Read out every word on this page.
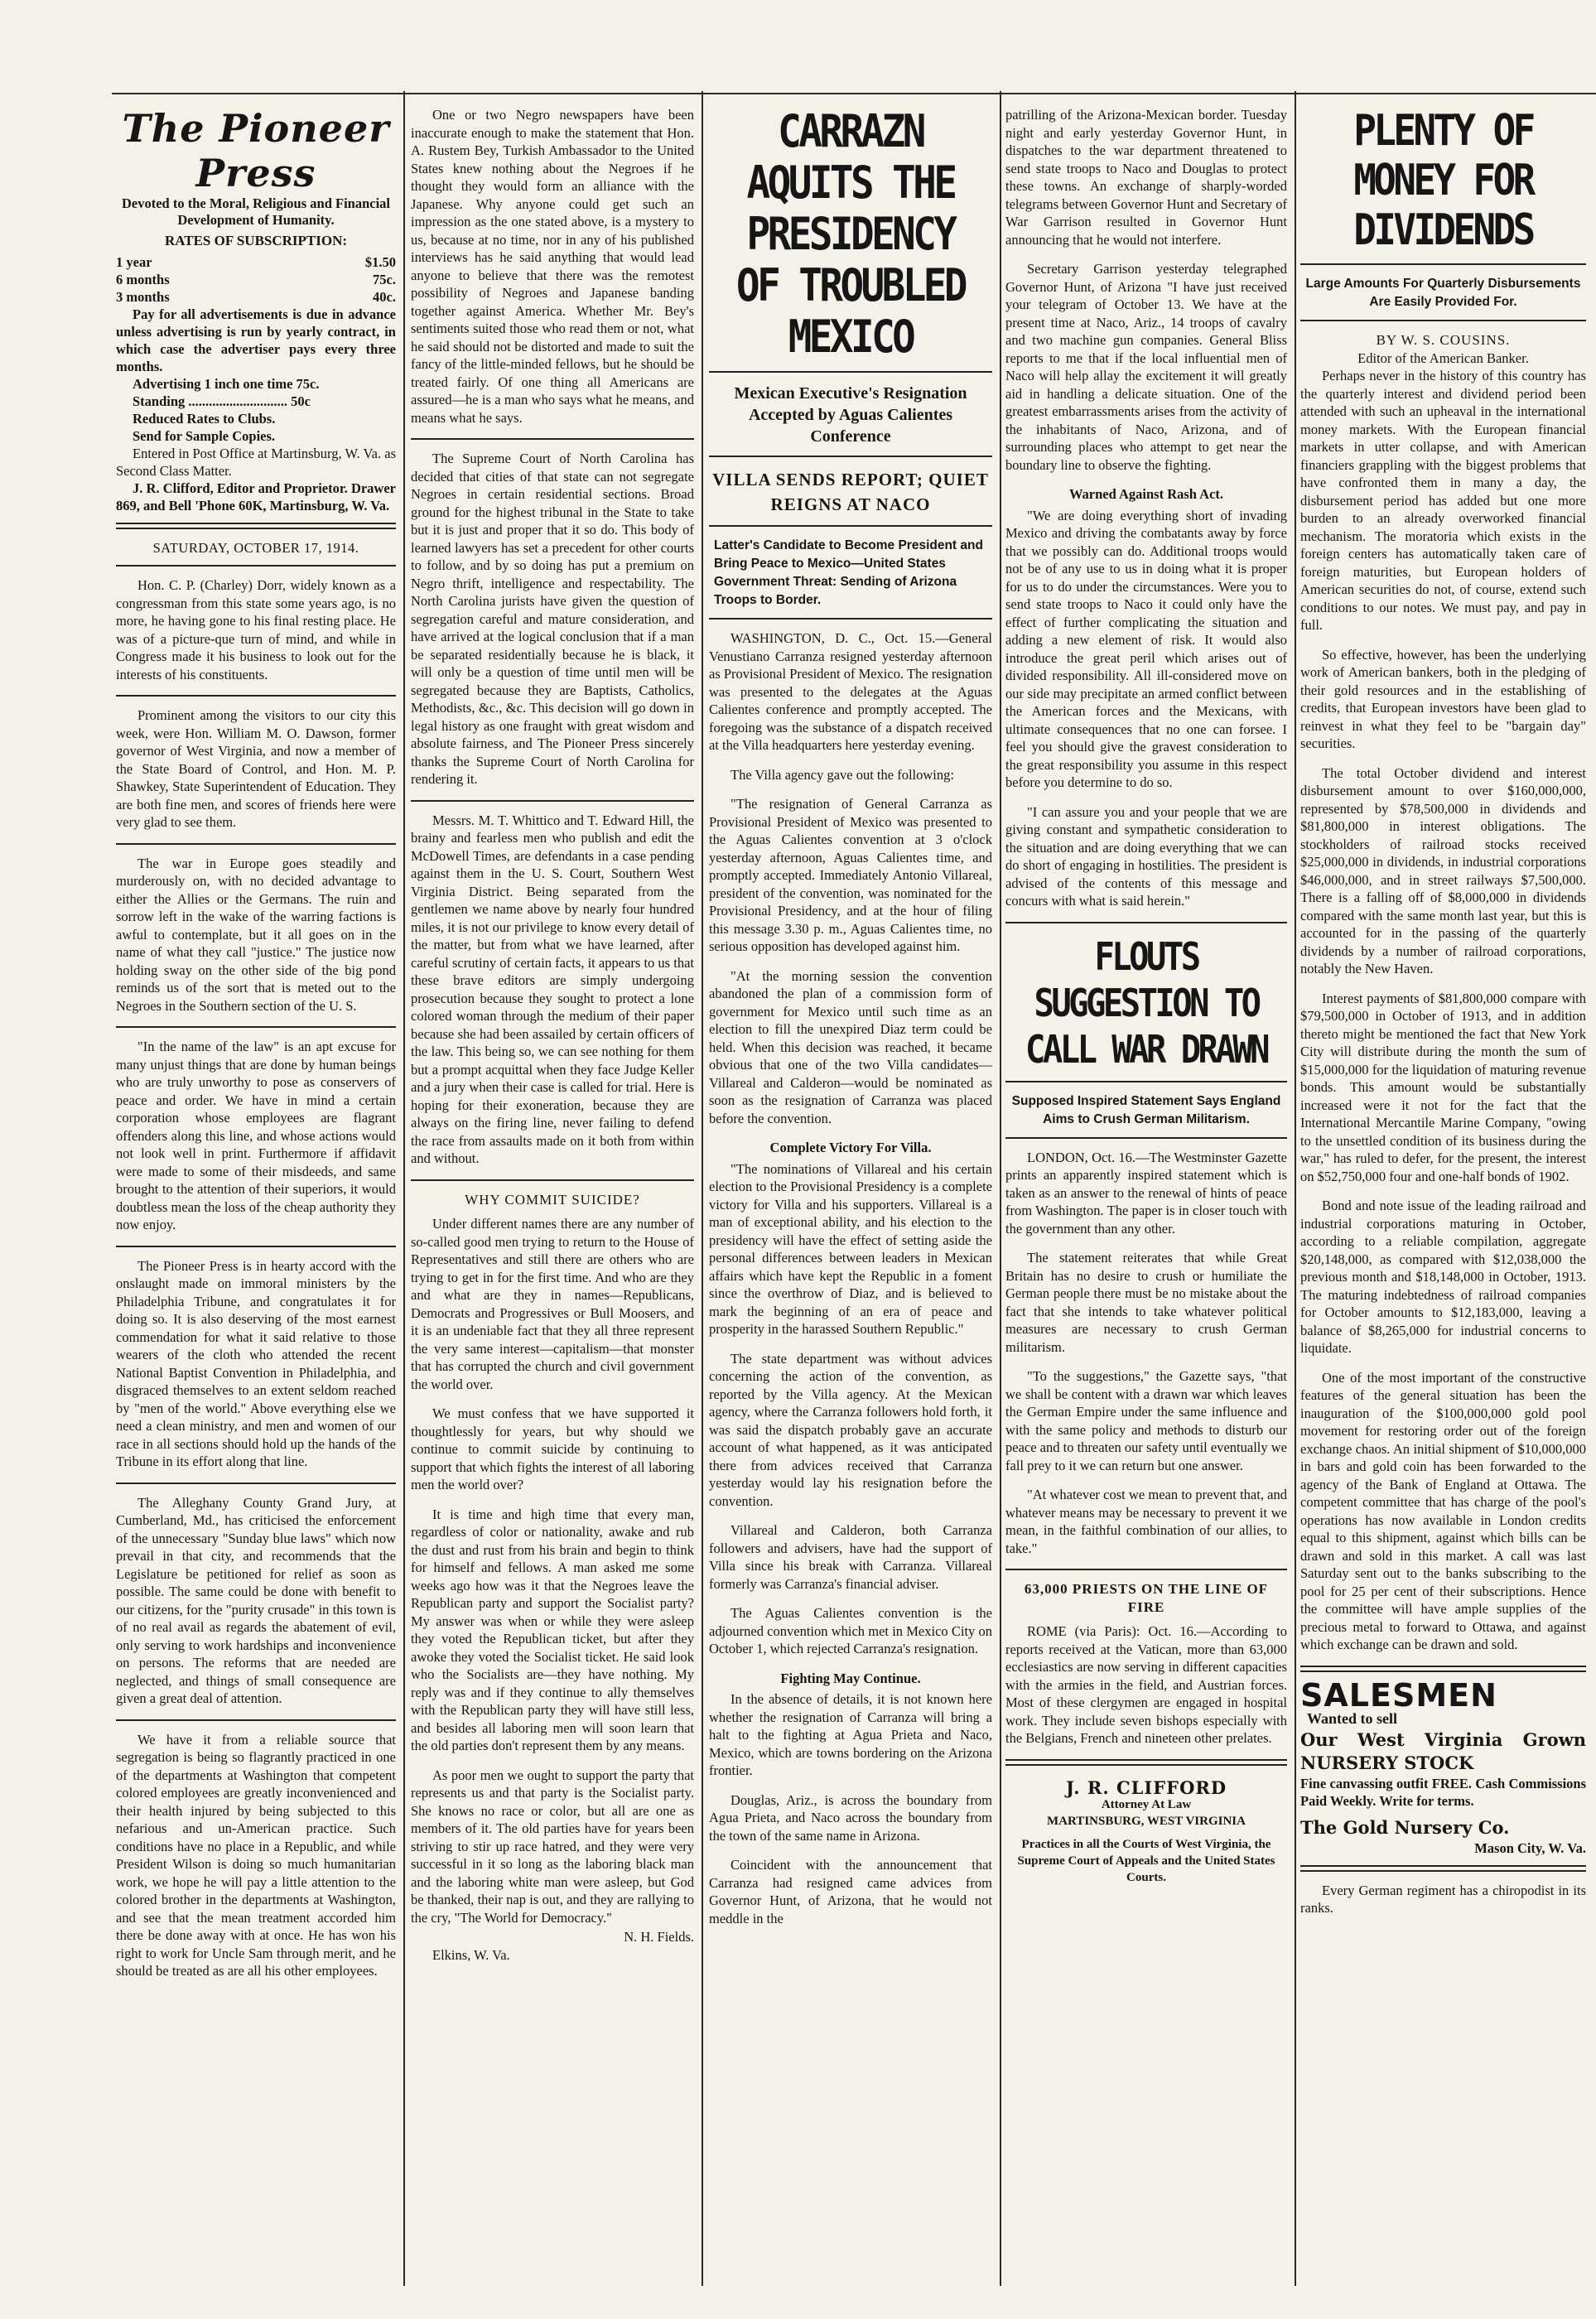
The Pioneer Press
Devoted to the Moral, Religious and Financial Development of Humanity.
RATES OF SUBSCRIPTION:
1 year	$1.50
6 months	75c.
3 months	40c.
Pay for all advertisements is due in advance unless advertising is run by yearly contract, in which case the advertiser pays every three months.
Advertising 1 inch one time 75c.
Standing ............................. 50c
Reduced Rates to Clubs.
Send for Sample Copies.
Entered in Post Office at Martinsburg, W. Va. as Second Class Matter.
J. R. Clifford, Editor and Proprietor. Drawer 869, and Bell 'Phone 60K, Martinsburg, W. Va.
SATURDAY, OCTOBER 17, 1914.

Hon. C. P. (Charley) Dorr, widely known as a congressman from this state some years ago, is no more, he having gone to his final resting place. He was of a picture-que turn of mind, and while in Congress made it his business to look out for the interests of his constituents.

Prominent among the visitors to our city this week, were Hon. William M. O. Dawson, former governor of West Virginia, and now a member of the State Board of Control, and Hon. M. P. Shawkey, State Superintendent of Education. They are both fine men, and scores of friends here were very glad to see them.

The war in Europe goes steadily and murderously on, with no decided advantage to either the Allies or the Germans. The ruin and sorrow left in the wake of the warring factions is awful to contemplate, but it all goes on in the name of what they call "justice." The justice now holding sway on the other side of the big pond reminds us of the sort that is meted out to the Negroes in the Southern section of the U. S.

"In the name of the law" is an apt excuse for many unjust things that are done by human beings who are truly unworthy to pose as conservers of peace and order. We have in mind a certain corporation whose employees are flagrant offenders along this line, and whose actions would not look well in print. Furthermore if affidavit were made to some of their misdeeds, and same brought to the attention of their superiors, it would doubtless mean the loss of the cheap authority they now enjoy.

The Pioneer Press is in hearty accord with the onslaught made on immoral ministers by the Philadelphia Tribune, and congratulates it for doing so. It is also deserving of the most earnest commendation for what it said relative to those wearers of the cloth who attended the recent National Baptist Convention in Philadelphia, and disgraced themselves to an extent seldom reached by "men of the world." Above everything else we need a clean ministry, and men and women of our race in all sections should hold up the hands of the Tribune in its effort along that line.

The Alleghany County Grand Jury, at Cumberland, Md., has criticised the enforcement of the unnecessary "Sunday blue laws" which now prevail in that city, and recommends that the Legislature be petitioned for relief as soon as possible. The same could be done with benefit to our citizens, for the "purity crusade" in this town is of no real avail as regards the abatement of evil, only serving to work hardships and inconvenience on persons. The reforms that are needed are neglected, and things of small consequence are given a great deal of attention.

We have it from a reliable source that segregation is being so flagrantly practiced in one of the departments at Washington that competent colored employees are greatly inconvenienced and their health injured by being subjected to this nefarious and un-American practice. Such conditions have no place in a Republic, and while President Wilson is doing so much humanitarian work, we hope he will pay a little attention to the colored brother in the departments at Washington, and see that the mean treatment accorded him there be done away with at once. He has won his right to work for Uncle Sam through merit, and he should be treated as are all his other employees.

One or two Negro newspapers have been inaccurate enough to make the statement that Hon. A. Rustem Bey, Turkish Ambassador to the United States knew nothing about the Negroes if he thought they would form an alliance with the Japanese. Why anyone could get such an impression as the one stated above, is a mystery to us, because at no time, nor in any of his published interviews has he said anything that would lead anyone to believe that there was the remotest possibility of Negroes and Japanese banding together against America. Whether Mr. Bey's sentiments suited those who read them or not, what he said should not be distorted and made to suit the fancy of the little-minded fellows, but he should be treated fairly. Of one thing all Americans are assured—he is a man who says what he means, and means what he says.

The Supreme Court of North Carolina has decided that cities of that state can not segregate Negroes in certain residential sections. Broad ground for the highest tribunal in the State to take but it is just and proper that it so do. This body of learned lawyers has set a precedent for other courts to follow, and by so doing has put a premium on Negro thrift, intelligence and respectability. The North Carolina jurists have given the question of segregation careful and mature consideration, and have arrived at the logical conclusion that if a man be separated residentially because he is black, it will only be a question of time until men will be segregated because they are Baptists, Catholics, Methodists, &c., &c. This decision will go down in legal history as one fraught with great wisdom and absolute fairness, and The Pioneer Press sincerely thanks the Supreme Court of North Carolina for rendering it.

Messrs. M. T. Whittico and T. Edward Hill, the brainy and fearless men who publish and edit the McDowell Times, are defendants in a case pending against them in the U. S. Court, Southern West Virginia District. Being separated from the gentlemen we name above by nearly four hundred miles, it is not our privilege to know every detail of the matter, but from what we have learned, after careful scrutiny of certain facts, it appears to us that these brave editors are simply undergoing prosecution because they sought to protect a lone colored woman through the medium of their paper because she had been assailed by certain officers of the law. This being so, we can see nothing for them but a prompt acquittal when they face Judge Keller and a jury when their case is called for trial. Here is hoping for their exoneration, because they are always on the firing line, never failing to defend the race from assaults made on it both from within and without.

WHY COMMIT SUICIDE?

Under different names there are any number of so-called good men trying to return to the House of Representatives and still there are others who are trying to get in for the first time. And who are they and what are they in names—Republicans, Democrats and Progressives or Bull Moosers, and it is an undeniable fact that they all three represent the very same interest—capitalism—that monster that has corrupted the church and civil government the world over.

We must confess that we have supported it thoughtlessly for years, but why should we continue to commit suicide by continuing to support that which fights the interest of all laboring men the world over?

It is time and high time that every man, regardless of color or nationality, awake and rub the dust and rust from his brain and begin to think for himself and fellows. A man asked me some weeks ago how was it that the Negroes leave the Republican party and support the Socialist party? My answer was when or while they were asleep they voted the Republican ticket, but after they awoke they voted the Socialist ticket. He said look who the Socialists are—they have nothing. My reply was and if they continue to ally themselves with the Republican party they will have still less, and besides all laboring men will soon learn that the old parties don't represent them by any means.

As poor men we ought to support the party that represents us and that party is the Socialist party. She knows no race or color, but all are one as members of it. The old parties have for years been striving to stir up race hatred, and they were very successful in it so long as the laboring black man and the laboring white man were asleep, but God be thanked, their nap is out, and they are rallying to the cry, "The World for Democracy."

N. H. Fields.
Elkins, W. Va.
CARRAZN AQUITS THE PRESIDENCY OF TROUBLED MEXICO
Mexican Executive's Resignation Accepted by Aguas Calientes Conference
VILLA SENDS REPORT; QUIET REIGNS AT NACO
Latter's Candidate to Become President and Bring Peace to Mexico—United States Government Threat: Sending of Arizona Troops to Border.

WASHINGTON, D. C., Oct. 15.—General Venustiano Carranza resigned yesterday afternoon as Provisional President of Mexico. The resignation was presented to the delegates at the Aguas Calientes conference and promptly accepted. The foregoing was the substance of a dispatch received at the Villa headquarters here yesterday evening.

The Villa agency gave out the following:

"The resignation of General Carranza as Provisional President of Mexico was presented to the Aguas Calientes convention at 3 o'clock yesterday afternoon, Aguas Calientes time, and promptly accepted. Immediately Antonio Villareal, president of the convention, was nominated for the Provisional Presidency, and at the hour of filing this message 3.30 p. m., Aguas Calientes time, no serious opposition has developed against him.

"At the morning session the convention abandoned the plan of a commission form of government for Mexico until such time as an election to fill the unexpired Diaz term could be held. When this decision was reached, it became obvious that one of the two Villa candidates—Villareal and Calderon—would be nominated as soon as the resignation of Carranza was placed before the convention.

Complete Victory For Villa.

"The nominations of Villareal and his certain election to the Provisional Presidency is a complete victory for Villa and his supporters. Villareal is a man of exceptional ability, and his election to the presidency will have the effect of setting aside the personal differences between leaders in Mexican affairs which have kept the Republic in a foment since the overthrow of Diaz, and is believed to mark the beginning of an era of peace and prosperity in the harassed Southern Republic."

The state department was without advices concerning the action of the convention, as reported by the Villa agency. At the Mexican agency, where the Carranza followers hold forth, it was said the dispatch probably gave an accurate account of what happened, as it was anticipated there from advices received that Carranza yesterday would lay his resignation before the convention.

Villareal and Calderon, both Carranza followers and advisers, have had the support of Villa since his break with Carranza. Villareal formerly was Carranza's financial adviser.

The Aguas Calientes convention is the adjourned convention which met in Mexico City on October 1, which rejected Carranza's resignation.

Fighting May Continue.

In the absence of details, it is not known here whether the resignation of Carranza will bring a halt to the fighting at Agua Prieta and Naco, Mexico, which are towns bordering on the Arizona frontier.

Douglas, Ariz., is across the boundary from Agua Prieta, and Naco across the boundary from the town of the same name in Arizona.

Coincident with the announcement that Carranza had resigned came advices from Governor Hunt, of Arizona, that he would not meddle in the

patrilling of the Arizona-Mexican border. Tuesday night and early yesterday Governor Hunt, in dispatches to the war department threatened to send state troops to Naco and Douglas to protect these towns. An exchange of sharply-worded telegrams between Governor Hunt and Secretary of War Garrison resulted in Governor Hunt announcing that he would not interfere.

Secretary Garrison yesterday telegraphed Governor Hunt, of Arizona "I have just received your telegram of October 13. We have at the present time at Naco, Ariz., 14 troops of cavalry and two machine gun companies. General Bliss reports to me that if the local influential men of Naco will help allay the excitement it will greatly aid in handling a delicate situation. One of the greatest embarrassments arises from the activity of the inhabitants of Naco, Arizona, and of surrounding places who attempt to get near the boundary line to observe the fighting.

Warned Against Rash Act.

"We are doing everything short of invading Mexico and driving the combatants away by force that we possibly can do. Additional troops would not be of any use to us in doing what it is proper for us to do under the circumstances. Were you to send state troops to Naco it could only have the effect of further complicating the situation and adding a new element of risk. It would also introduce the great peril which arises out of divided responsibility. All ill-considered move on our side may precipitate an armed conflict between the American forces and the Mexicans, with ultimate consequences that no one can forsee. I feel you should give the gravest consideration to the great responsibility you assume in this respect before you determine to do so.

"I can assure you and your people that we are giving constant and sympathetic consideration to the situation and are doing everything that we can do short of engaging in hostilities. The president is advised of the contents of this message and concurs with what is said herein."

FLOUTS SUGGESTION TO CALL WAR DRAWN
Supposed Inspired Statement Says England Aims to Crush German Militarism.

LONDON, Oct. 16.—The Westminster Gazette prints an apparently inspired statement which is taken as an answer to the renewal of hints of peace from Washington. The paper is in closer touch with the government than any other.

The statement reiterates that while Great Britain has no desire to crush or humiliate the German people there must be no mistake about the fact that she intends to take whatever political measures are necessary to crush German militarism.

"To the suggestions," the Gazette says, "that we shall be content with a drawn war which leaves the German Empire under the same influence and with the same policy and methods to disturb our peace and to threaten our safety until eventually we fall prey to it we can return but one answer.

"At whatever cost we mean to prevent that, and whatever means may be necessary to prevent it we mean, in the faithful combination of our allies, to take."

63,000 PRIESTS ON THE LINE OF FIRE

ROME (via Paris): Oct. 16.—According to reports received at the Vatican, more than 63,000 ecclesiastics are now serving in different capacities with the armies in the field, and Austrian forces. Most of these clergymen are engaged in hospital work. They include seven bishops especially with the Belgians, French and nineteen other prelates.

J. R. CLIFFORD
Attorney At Law
MARTINSBURG, WEST VIRGINIA
Practices in all the Courts of West Virginia, the Supreme Court of Appeals and the United States Courts.
PLENTY OF MONEY FOR DIVIDENDS
Large Amounts For Quarterly Disbursements Are Easily Provided For.
BY W. S. COUSINS.
Editor of the American Banker.

Perhaps never in the history of this country has the quarterly interest and dividend period been attended with such an upheaval in the international money markets. With the European financial markets in utter collapse, and with American financiers grappling with the biggest problems that have confronted them in many a day, the disbursement period has added but one more burden to an already overworked financial mechanism. The moratoria which exists in the foreign centers has automatically taken care of foreign maturities, but European holders of American securities do not, of course, extend such conditions to our notes. We must pay, and pay in full.

So effective, however, has been the underlying work of American bankers, both in the pledging of their gold resources and in the establishing of credits, that European investors have been glad to reinvest in what they feel to be "bargain day" securities.

The total October dividend and interest disbursement amount to over $160,000,000, represented by $78,500,000 in dividends and $81,800,000 in interest obligations. The stockholders of railroad stocks received $25,000,000 in dividends, in industrial corporations $46,000,000, and in street railways $7,500,000. There is a falling off of $8,000,000 in dividends compared with the same month last year, but this is accounted for in the passing of the quarterly dividends by a number of railroad corporations, notably the New Haven.

Interest payments of $81,800,000 compare with $79,500,000 in October of 1913, and in addition thereto might be mentioned the fact that New York City will distribute during the month the sum of $15,000,000 for the liquidation of maturing revenue bonds. This amount would be substantially increased were it not for the fact that the International Mercantile Marine Company, "owing to the unsettled condition of its business during the war," has ruled to defer, for the present, the interest on $52,750,000 four and one-half bonds of 1902.

Bond and note issue of the leading railroad and industrial corporations maturing in October, according to a reliable compilation, aggregate $20,148,000, as compared with $12,038,000 the previous month and $18,148,000 in October, 1913. The maturing indebtedness of railroad companies for October amounts to $12,183,000, leaving a balance of $8,265,000 for industrial concerns to liquidate.

One of the most important of the constructive features of the general situation has been the inauguration of the $100,000,000 gold pool movement for restoring order out of the foreign exchange chaos. An initial shipment of $10,000,000 in bars and gold coin has been forwarded to the agency of the Bank of England at Ottawa. The competent committee that has charge of the pool's operations has now available in London credits equal to this shipment, against which bills can be drawn and sold in this market. A call was last Saturday sent out to the banks subscribing to the pool for 25 per cent of their subscriptions. Hence the committee will have ample supplies of the precious metal to forward to Ottawa, and against which exchange can be drawn and sold.

SALESMENWanted to sell
Our West Virginia Grown NURSERY STOCK
Fine canvassing outfit FREE. Cash Commissions Paid Weekly. Write for terms.
The Gold Nursery Co.
Mason City, W. Va.

Every German regiment has a chiropodist in its ranks.
